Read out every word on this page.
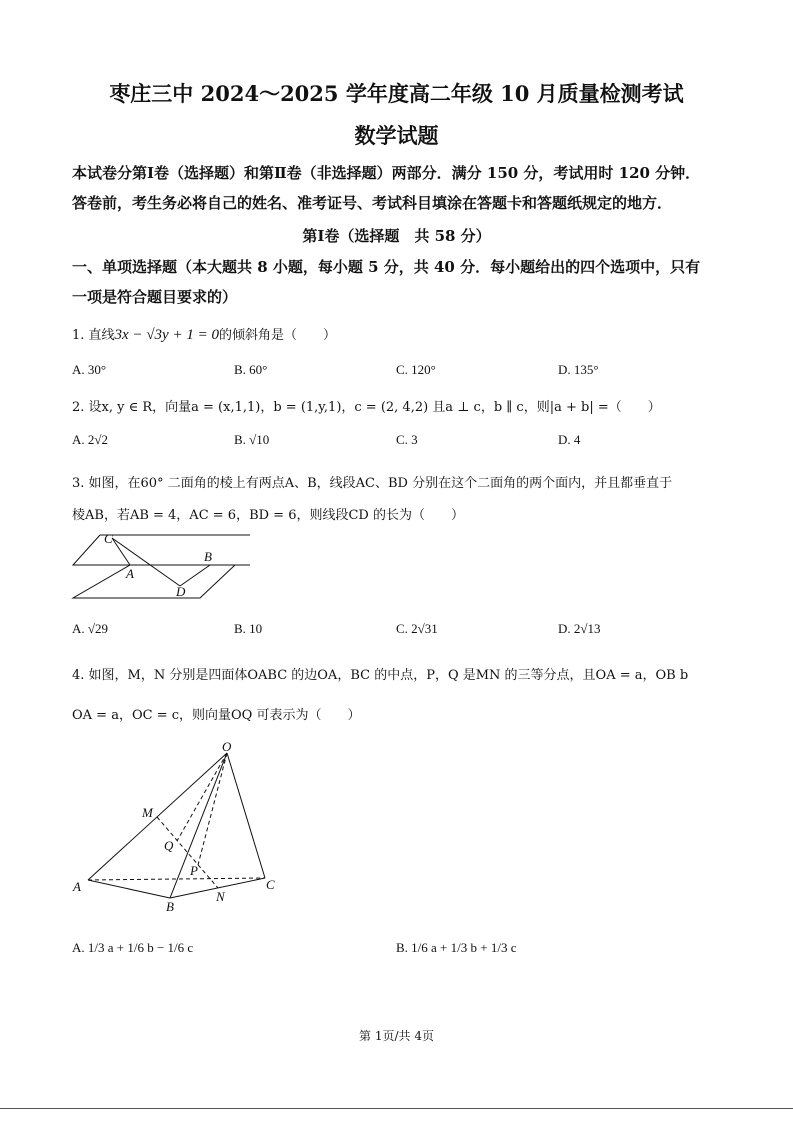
枣庄三中 2024～2025 学年度高二年级 10 月质量检测考试
数学试题
本试卷分第Ⅰ卷（选择题）和第Ⅱ卷（非选择题）两部分．满分 150 分，考试用时 120 分钟．
答卷前，考生务必将自己的姓名、准考证号、考试科目填涂在答题卡和答题纸规定的地方．
第Ⅰ卷（选择题　共 58 分）
一、单项选择题（本大题共 8 小题，每小题 5 分，共 40 分．每小题给出的四个选项中，只有
一项是符合题目要求的）
1. 直线3x − √3y + 1 = 0的倾斜角是（　　）
A. 30°	B. 60°	C. 120°	D. 135°
2. 设x, y ∈ R，向量a = (x,1,1)，b = (1,y,1)，c = (2, 4,2) 且a ⊥ c，b ∥ c，则|a + b| =（　　）
A. 2√2	B. √10	C. 3	D. 4
3. 如图，在60° 二面角的棱上有两点A、B，线段AC、BD 分别在这个二面角的两个面内，并且都垂直于
棱AB，若AB = 4，AC = 6，BD = 6，则线段CD 的长为（　　）
C
B
A
D
A. √29	B. 10	C. 2√31	D. 2√13
4. 如图，M，N 分别是四面体OABC 的边OA，BC 的中点，P，Q 是MN 的三等分点，且OA = a，OB b
OA = a，OC = c，则向量OQ 可表示为（　　）
O
M
Q
P
A
N
C
B
A. 1/3 a + 1/6 b − 1/6 c	B. 1/6 a + 1/3 b + 1/3 c
第 1页/共 4页
